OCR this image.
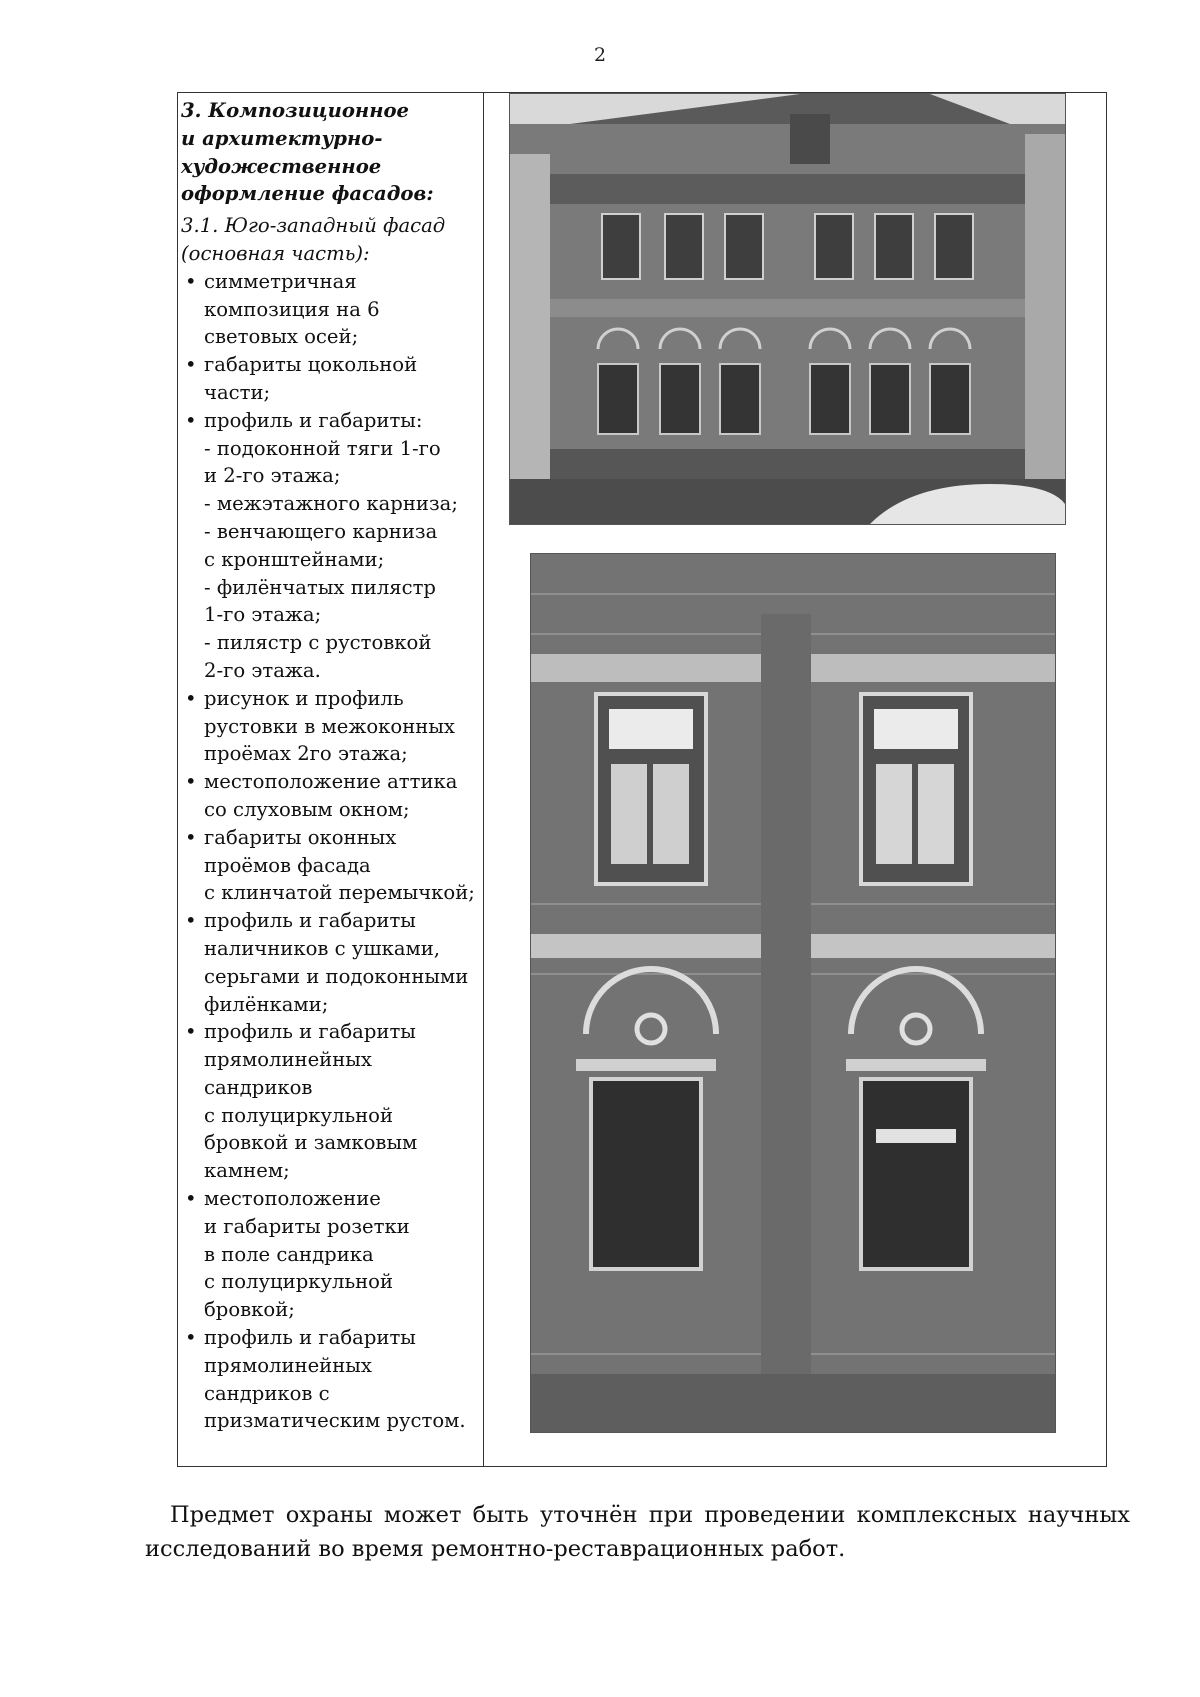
2
3. Композиционное
и архитектурно-
художественное
оформление фасадов:
3.1. Юго-западный фасад
(основная часть):
• симметричная
композиция на 6
световых осей;
• габариты цокольной
части;
• профиль и габариты:
- подоконной тяги 1-го
и 2-го этажа;
- межэтажного карниза;
- венчающего карниза
с кронштейнами;
- филёнчатых пилястр
1-го этажа;
- пилястр с рустовкой
2-го этажа.
• рисунок и профиль
рустовки в межоконных
проёмах 2го этажа;
• местоположение аттика
со слуховым окном;
• габариты оконных
проёмов фасада
с клинчатой перемычкой;
• профиль и габариты
наличников с ушками,
серьгами и подоконными
филёнками;
• профиль и габариты
прямолинейных
сандриков
с полуциркульной
бровкой и замковым
камнем;
• местоположение
и габариты розетки
в поле сандрика
с полуциркульной
бровкой;
• профиль и габариты
прямолинейных
сандриков с
призматическим рустом.
Предмет охраны может быть уточнён при проведении комплексных научных исследований во время ремонтно-реставрационных работ.
